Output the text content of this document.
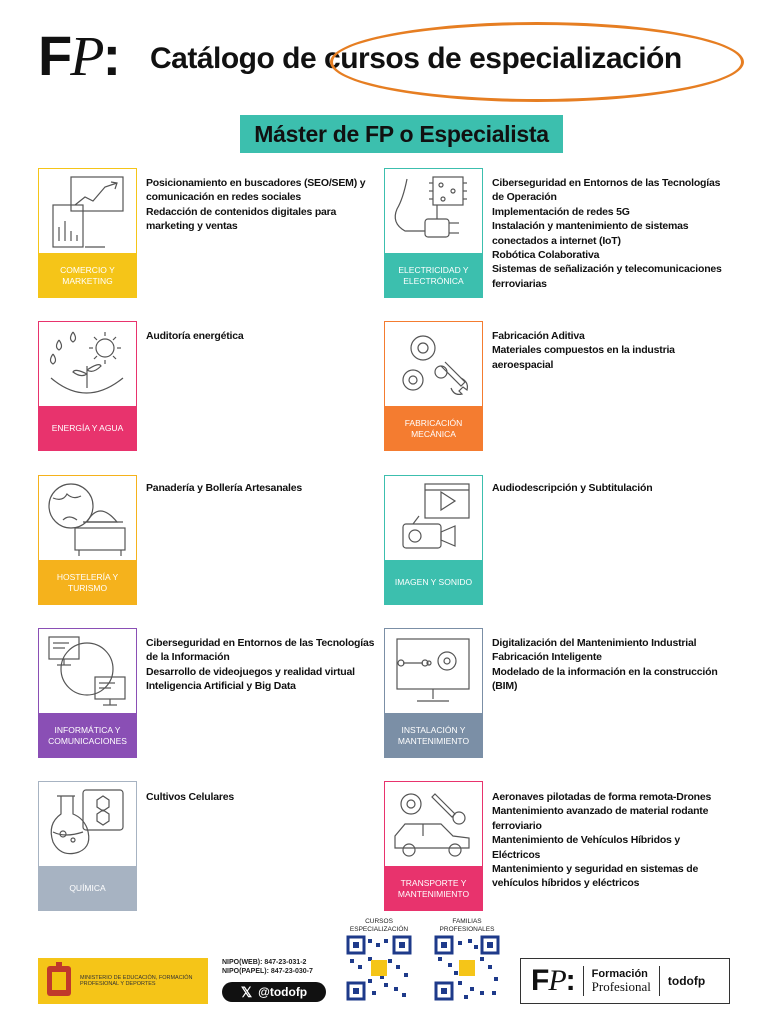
FP: Catálogo de cursos de especialización
Máster de FP o Especialista
COMERCIO Y MARKETING
Posicionamiento en buscadores (SEO/SEM) y comunicación en redes sociales
Redacción de contenidos digitales para marketing y ventas
ELECTRICIDAD Y ELECTRÓNICA
Ciberseguridad en Entornos de las Tecnologías de Operación
Implementación de redes 5G
Instalación y mantenimiento de sistemas conectados a internet (IoT)
Robótica Colaborativa
Sistemas de señalización y telecomunicaciones ferroviarias
ENERGÍA Y AGUA
Auditoría energética
FABRICACIÓN MECÁNICA
Fabricación Aditiva
Materiales compuestos en la industria aeroespacial
HOSTELERÍA Y TURISMO
Panadería y Bollería Artesanales
IMAGEN Y SONIDO
Audiodescripción y Subtitulación
INFORMÁTICA Y COMUNICACIONES
Ciberseguridad en Entornos de las Tecnologías de la Información
Desarrollo de videojuegos y realidad virtual
Inteligencia Artificial y Big Data
INSTALACIÓN Y MANTENIMIENTO
Digitalización del Mantenimiento Industrial
Fabricación Inteligente
Modelado de la información en la construcción (BIM)
QUÍMICA
Cultivos Celulares
TRANSPORTE Y MANTENIMIENTO
Aeronaves pilotadas de forma remota-Drones
Mantenimiento avanzado de material rodante ferroviario
Mantenimiento de Vehículos Híbridos y Eléctricos
Mantenimiento y seguridad en sistemas de vehículos híbridos y eléctricos
MINISTERIO DE EDUCACIÓN, FORMACIÓN PROFESIONAL Y DEPORTES
NIPO(WEB): 847-23-031-2
NIPO(PAPEL): 847-23-030-7
𝕏 @todofp
CURSOS ESPECIALIZACIÓN
FAMILIAS PROFESIONALES
FP: Formación
Profesional	todofp
